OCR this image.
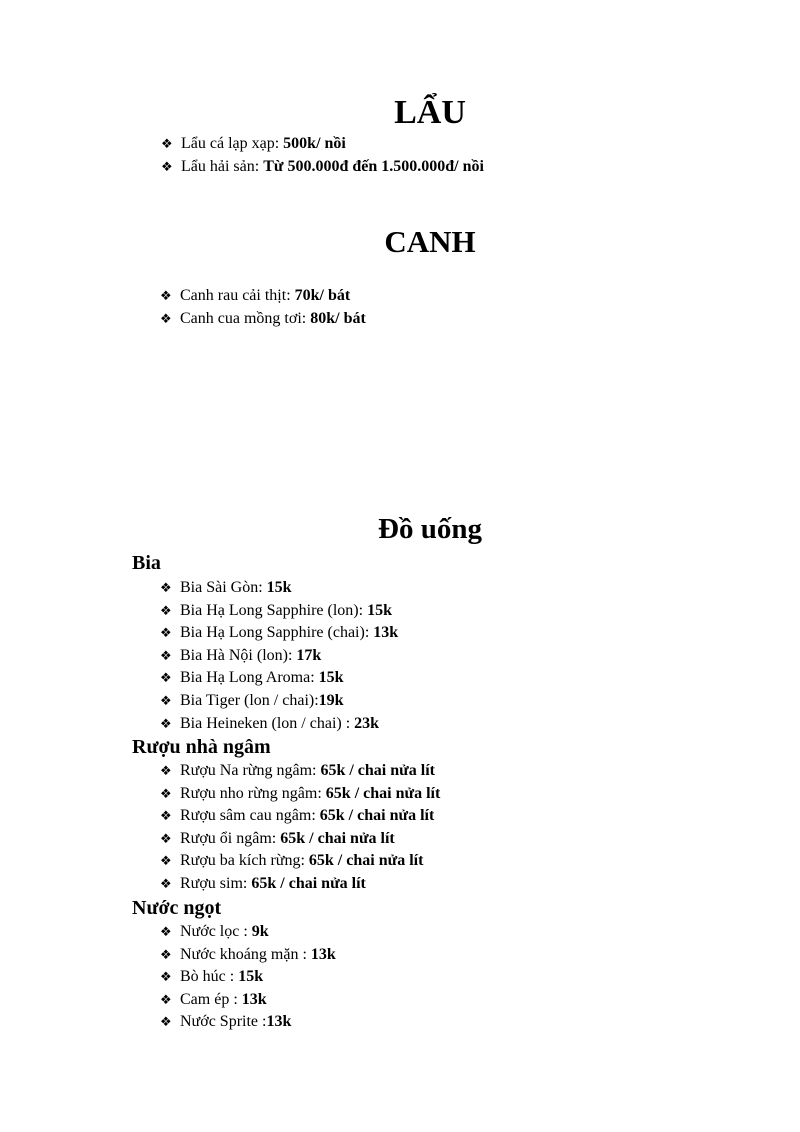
LẨU
❖ Lẩu cá lạp xạp: 500k/ nồi
❖ Lẩu hải sản: Từ 500.000đ đến 1.500.000đ/ nồi
CANH
❖ Canh rau cải thịt: 70k/ bát
❖ Canh cua mồng tơi: 80k/ bát
Đồ uống
Bia
❖ Bia Sài Gòn: 15k
❖ Bia Hạ Long Sapphire (lon): 15k
❖ Bia Hạ Long Sapphire (chai): 13k
❖ Bia Hà Nội (lon): 17k
❖ Bia Hạ Long Aroma: 15k
❖ Bia Tiger (lon / chai):19k
❖ Bia Heineken (lon / chai) : 23k
Rượu nhà ngâm
❖ Rượu Na rừng ngâm: 65k / chai nửa lít
❖ Rượu nho rừng ngâm: 65k / chai nửa lít
❖ Rượu sâm cau ngâm: 65k / chai nửa lít
❖ Rượu ổi ngâm: 65k / chai nửa lít
❖ Rượu ba kích rừng: 65k / chai nửa lít
❖ Rượu sim: 65k / chai nửa lít
Nước ngọt
❖ Nước lọc : 9k
❖ Nước khoáng mặn : 13k
❖ Bò húc : 15k
❖ Cam ép : 13k
❖ Nước Sprite :13k
